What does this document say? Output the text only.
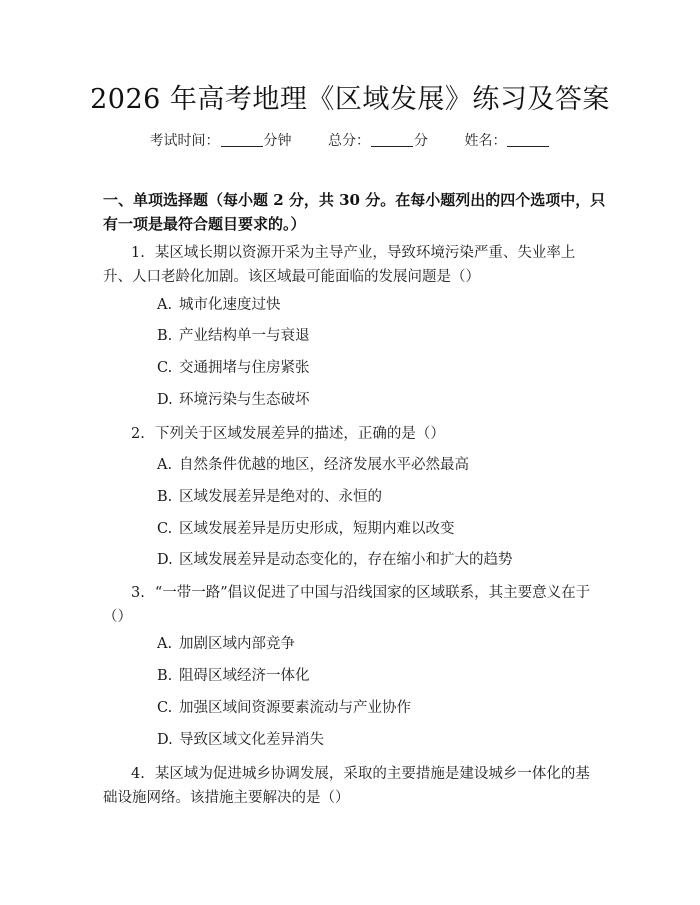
2026 年高考地理《区域发展》练习及答案
考试时间：	分钟	总分：	分	姓名：
一、单项选择题（每小题 2 分，共 30 分。在每小题列出的四个选项中，只有一项是最符合题目要求的。）
1. 某区域长期以资源开采为主导产业，导致环境污染严重、失业率上升、人口老龄化加剧。该区域最可能面临的发展问题是（）
A. 城市化速度过快
B. 产业结构单一与衰退
C. 交通拥堵与住房紧张
D. 环境污染与生态破坏
2. 下列关于区域发展差异的描述，正确的是（）
A. 自然条件优越的地区，经济发展水平必然最高
B. 区域发展差异是绝对的、永恒的
C. 区域发展差异是历史形成，短期内难以改变
D. 区域发展差异是动态变化的，存在缩小和扩大的趋势
3. “一带一路”倡议促进了中国与沿线国家的区域联系，其主要意义在于（）
A. 加剧区域内部竞争
B. 阻碍区域经济一体化
C. 加强区域间资源要素流动与产业协作
D. 导致区域文化差异消失
4. 某区域为促进城乡协调发展，采取的主要措施是建设城乡一体化的基础设施网络。该措施主要解决的是（）
